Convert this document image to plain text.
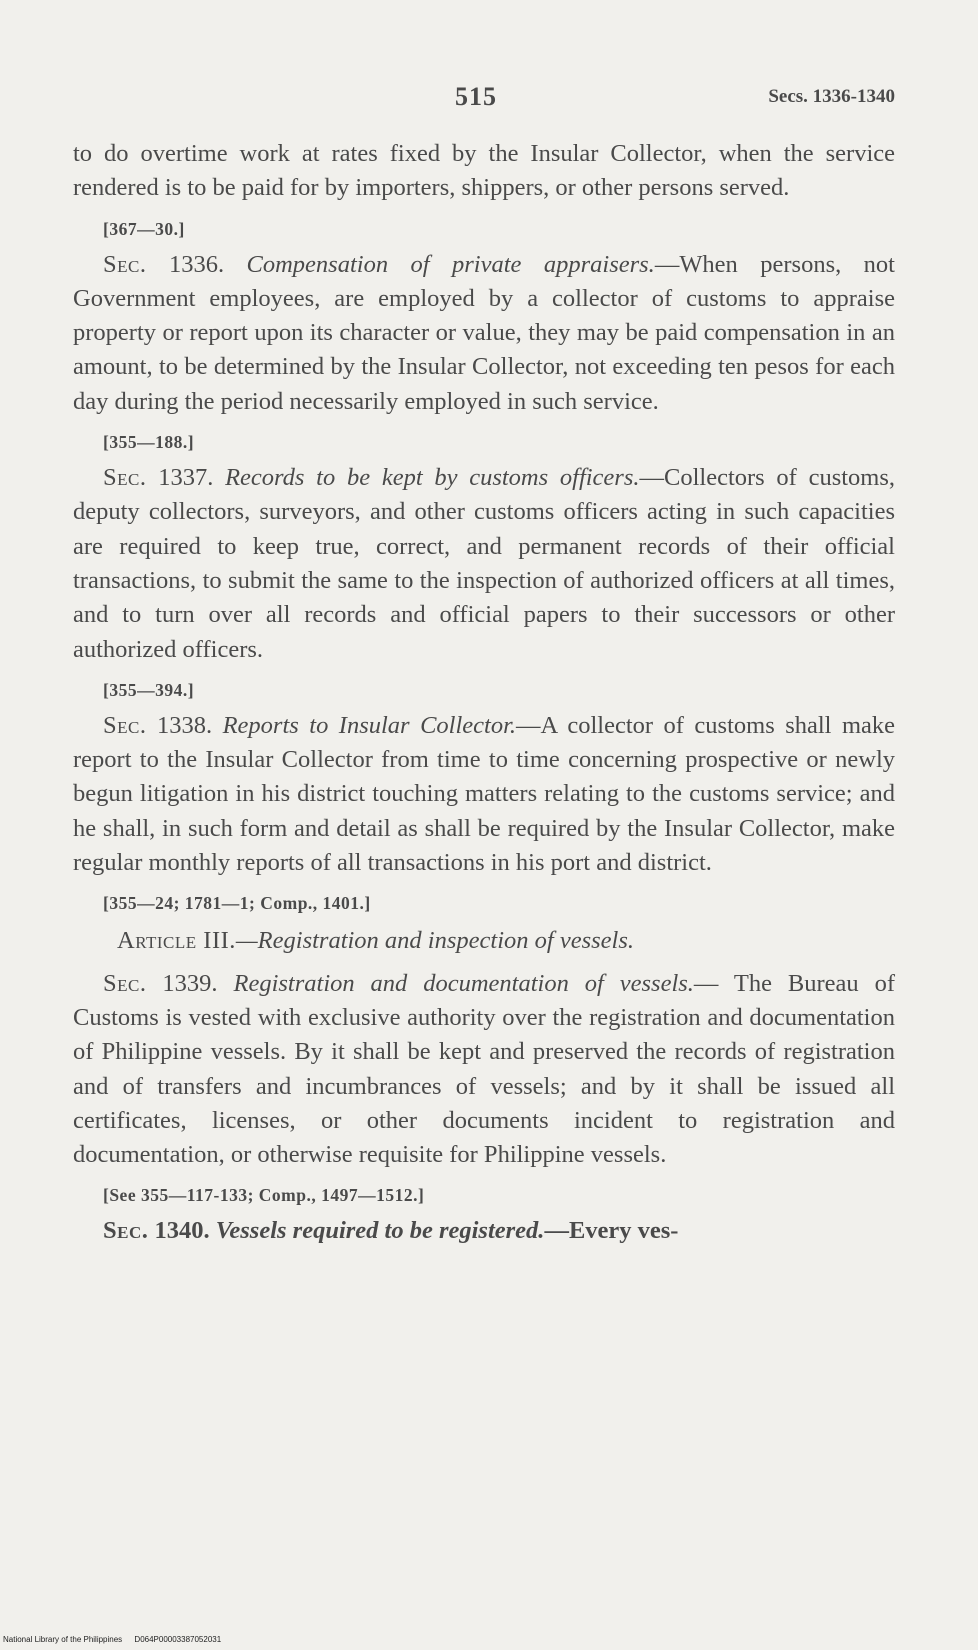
515	Secs. 1336-1340

to do overtime work at rates fixed by the Insular Collector, when the service rendered is to be paid for by importers, shippers, or other persons served.

[367—30.]

Sec. 1336. Compensation of private appraisers.—When persons, not Government employees, are employed by a collector of customs to appraise property or report upon its character or value, they may be paid compensation in an amount, to be determined by the Insular Collector, not exceeding ten pesos for each day during the period necessarily employed in such service.

[355—188.]

Sec. 1337. Records to be kept by customs officers.—Collectors of customs, deputy collectors, surveyors, and other customs officers acting in such capacities are required to keep true, correct, and permanent records of their official transactions, to submit the same to the inspection of authorized officers at all times, and to turn over all records and official papers to their successors or other authorized officers.

[355—394.]

Sec. 1338. Reports to Insular Collector.—A collector of customs shall make report to the Insular Collector from time to time concerning prospective or newly begun litigation in his district touching matters relating to the customs service; and he shall, in such form and detail as shall be required by the Insular Collector, make regular monthly reports of all transactions in his port and district.

[355—24; 1781—1; Comp., 1401.]

Article III.—Registration and inspection of vessels.

Sec. 1339. Registration and documentation of vessels.— The Bureau of Customs is vested with exclusive authority over the registration and documentation of Philippine vessels. By it shall be kept and preserved the records of registration and of transfers and incumbrances of vessels; and by it shall be issued all certificates, licenses, or other documents incident to registration and documentation, or otherwise requisite for Philippine vessels.

[See 355—117-133; Comp., 1497—1512.]

Sec. 1340. Vessels required to be registered.—Every ves-

National Library of the Philippines D064P00003387052031
